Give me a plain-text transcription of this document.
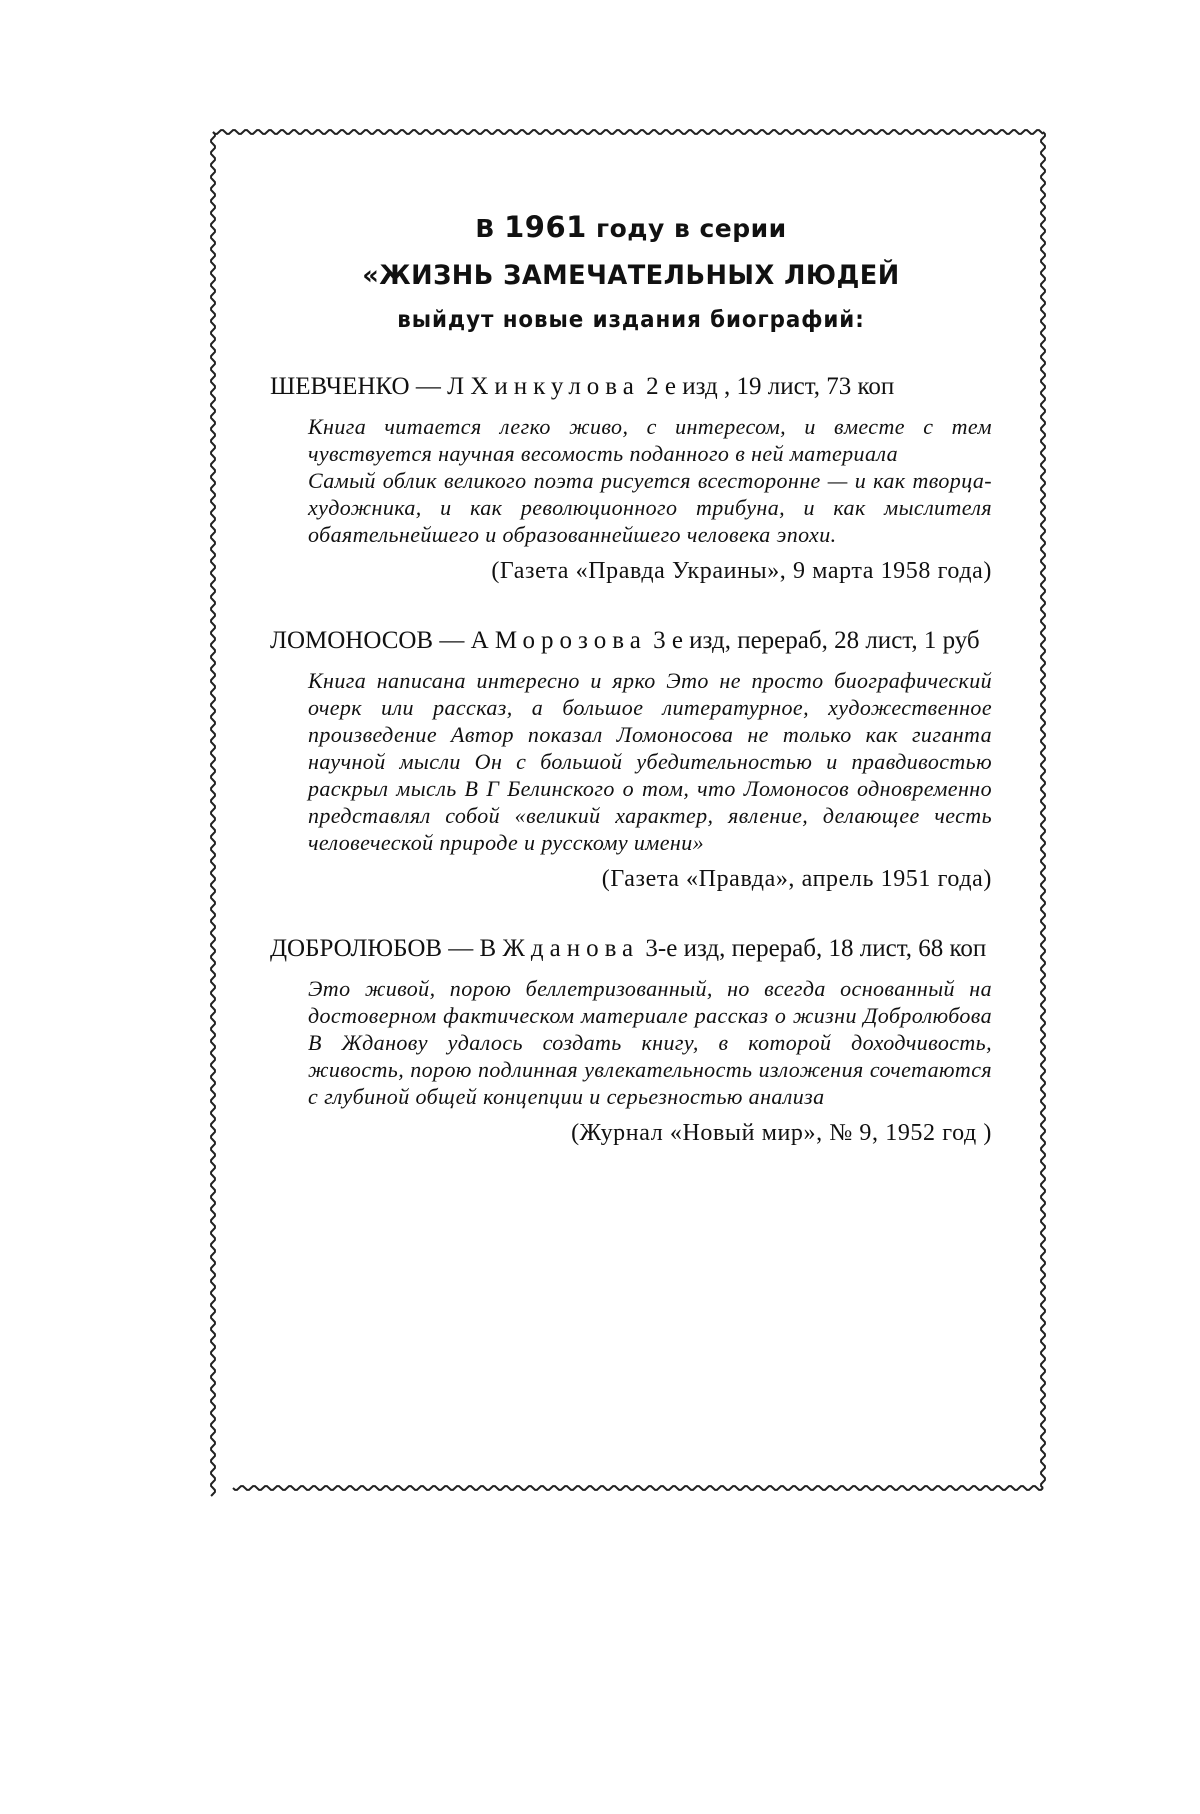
В 1961 году в серии
«ЖИЗНЬ ЗАМЕЧАТЕЛЬНЫХ ЛЮДЕЙ
выйдут новые издания биографий:

ШЕВЧЕНКО — Л Хинкулова 2 е изд , 19 лист, 73 коп

Книга читается легко живо, с интересом, и вместе с тем чувствуется научная весомость поданного в ней материала

Самый облик великого поэта рисуется всесторонне — и как творца-художника, и как революционного трибуна, и как мыслителя обаятельнейшего и образованнейшего человека эпохи.

(Газета «Правда Украины», 9 марта 1958 года)

ЛОМОНОСОВ — А Морозова 3 е изд, перераб, 28 лист, 1 руб

Книга написана интересно и ярко Это не просто биографический очерк или рассказ, а большое литературное, художественное произведение Автор показал Ломоносова не только как гиганта научной мысли Он с большой убедительностью и правдивостью раскрыл мысль В Г Белинского о том, что Ломоносов одновременно представлял собой «великий характер, явление, делающее честь человеческой природе и русскому имени»

(Газета «Правда», апрель 1951 года)

ДОБРОЛЮБОВ — В Жданова 3-е изд, перераб, 18 лист, 68 коп

Это живой, порою беллетризованный, но всегда основанный на достоверном фактическом материале рассказ о жизни Добролюбова В Жданову удалось создать книгу, в которой доходчивость, живость, порою подлинная увлекательность изложения сочетаются с глубиной общей концепции и серьезностью анализа

(Журнал «Новый мир», № 9, 1952 год )
